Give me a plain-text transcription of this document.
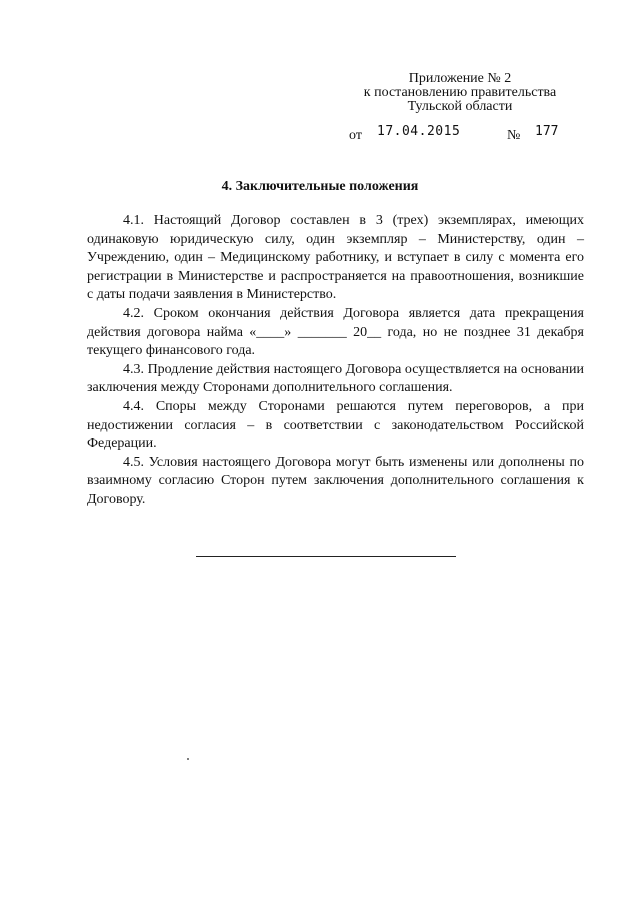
Приложение № 2
к постановлению правительства
Тульской области
от 17.04.2015	№ 177
4. Заключительные положения

4.1. Настоящий Договор составлен в 3 (трех) экземплярах, имеющих одинаковую юридическую силу, один экземпляр – Министерству, один – Учреждению, один – Медицинскому работнику, и вступает в силу с момента его регистрации в Министерстве и распространяется на правоотношения, возникшие с даты подачи заявления в Министерство.

4.2. Сроком окончания действия Договора является дата прекращения действия договора найма «____» _______ 20__ года, но не позднее 31 декабря текущего финансового года.

4.3. Продление действия настоящего Договора осуществляется на основании заключения между Сторонами дополнительного соглашения.

4.4. Споры между Сторонами решаются путем переговоров, а при недостижении согласия – в соответствии с законодательством Российской Федерации.

4.5. Условия настоящего Договора могут быть изменены или дополнены по взаимному согласию Сторон путем заключения дополнительного соглашения к Договору.
